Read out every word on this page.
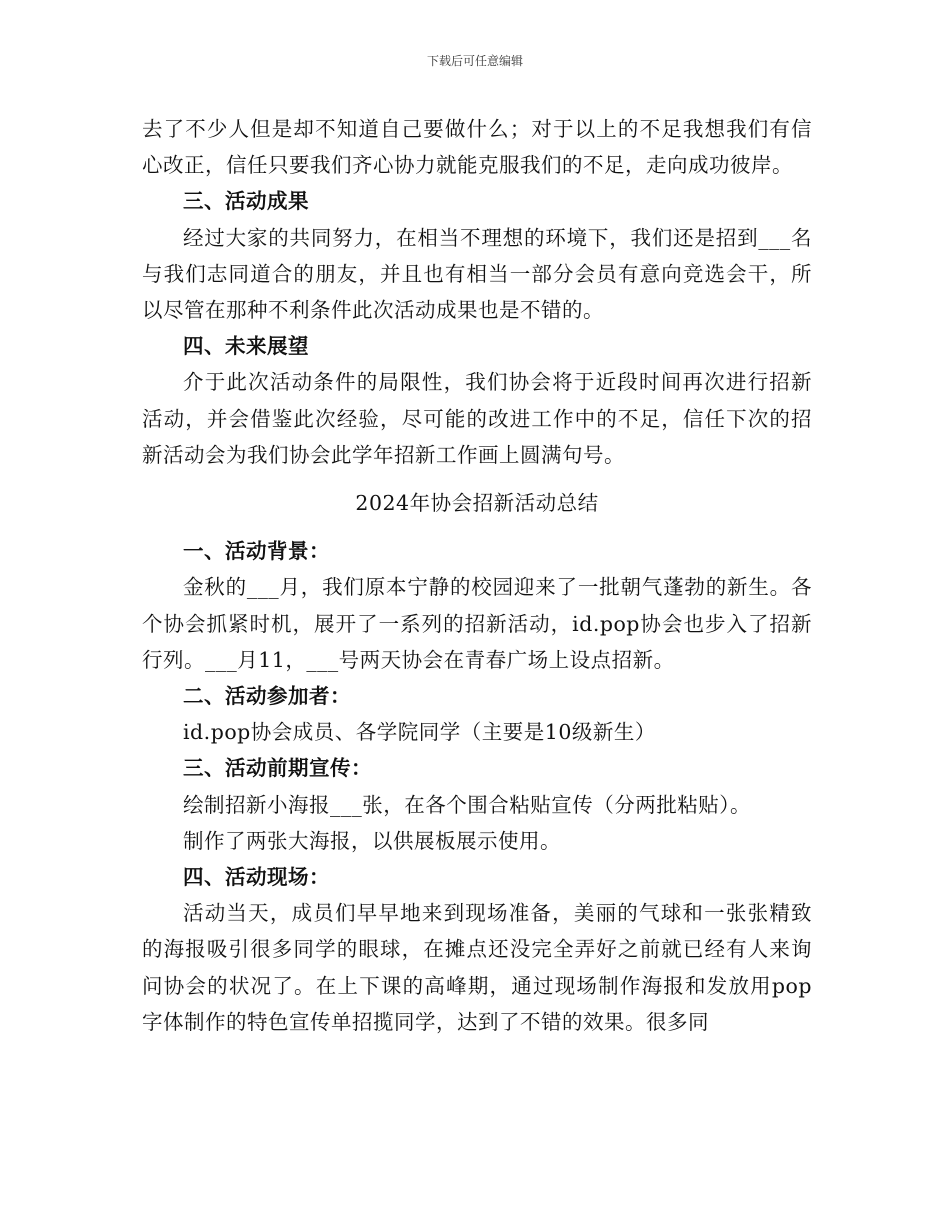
下载后可任意编辑

去了不少人但是却不知道自己要做什么；对于以上的不足我想我们有信心改正，信任只要我们齐心协力就能克服我们的不足，走向成功彼岸。

三、活动成果

经过大家的共同努力，在相当不理想的环境下，我们还是招到___名与我们志同道合的朋友，并且也有相当一部分会员有意向竞选会干，所以尽管在那种不利条件此次活动成果也是不错的。

四、未来展望

介于此次活动条件的局限性，我们协会将于近段时间再次进行招新活动，并会借鉴此次经验，尽可能的改进工作中的不足，信任下次的招新活动会为我们协会此学年招新工作画上圆满句号。

2024年协会招新活动总结

一、活动背景：

金秋的___月，我们原本宁静的校园迎来了一批朝气蓬勃的新生。各个协会抓紧时机，展开了一系列的招新活动，id.pop协会也步入了招新行列。___月11，___号两天协会在青春广场上设点招新。

二、活动参加者：

id.pop协会成员、各学院同学（主要是10级新生）

三、活动前期宣传：

绘制招新小海报___张，在各个围合粘贴宣传（分两批粘贴）。

制作了两张大海报，以供展板展示使用。

四、活动现场：

活动当天，成员们早早地来到现场准备，美丽的气球和一张张精致的海报吸引很多同学的眼球，在摊点还没完全弄好之前就已经有人来询问协会的状况了。在上下课的高峰期，通过现场制作海报和发放用pop字体制作的特色宣传单招揽同学，达到了不错的效果。很多同
